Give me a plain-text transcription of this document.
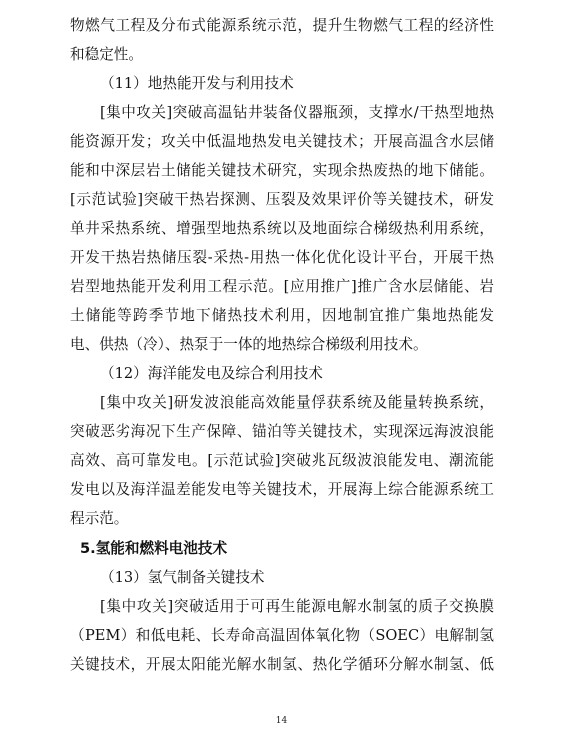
物燃气工程及分布式能源系统示范，提升生物燃气工程的经济性
和稳定性。
（11）地热能开发与利用技术
[集中攻关]突破高温钻井装备仪器瓶颈，支撑水/干热型地热
能资源开发；攻关中低温地热发电关键技术；开展高温含水层储
能和中深层岩土储能关键技术研究，实现余热废热的地下储能。
[示范试验]突破干热岩探测、压裂及效果评价等关键技术，研发
单井采热系统、增强型地热系统以及地面综合梯级热利用系统，
开发干热岩热储压裂-采热-用热一体化优化设计平台，开展干热
岩型地热能开发利用工程示范。[应用推广]推广含水层储能、岩
土储能等跨季节地下储热技术利用，因地制宜推广集地热能发
电、供热（冷）、热泵于一体的地热综合梯级利用技术。
（12）海洋能发电及综合利用技术
[集中攻关]研发波浪能高效能量俘获系统及能量转换系统，
突破恶劣海况下生产保障、锚泊等关键技术，实现深远海波浪能
高效、高可靠发电。[示范试验]突破兆瓦级波浪能发电、潮流能
发电以及海洋温差能发电等关键技术，开展海上综合能源系统工
程示范。
5.氢能和燃料电池技术
（13）氢气制备关键技术
[集中攻关]突破适用于可再生能源电解水制氢的质子交换膜
（PEM）和低电耗、长寿命高温固体氧化物（SOEC）电解制氢
关键技术，开展太阳能光解水制氢、热化学循环分解水制氢、低
14
